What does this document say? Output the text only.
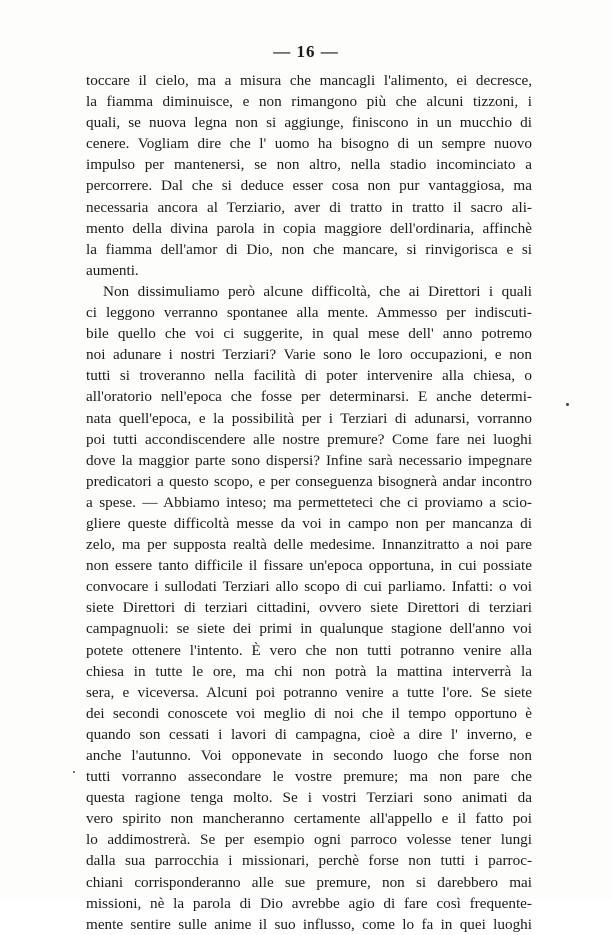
— 16 —
toccare il cielo, ma a misura che mancagli l'alimento, ei decresce,
la fiamma diminuisce, e non rimangono più che alcuni tizzoni, i
quali, se nuova legna non si aggiunge, finiscono in un mucchio di
cenere. Vogliam dire che l' uomo ha bisogno di un sempre nuovo
impulso per mantenersi, se non altro, nella stadio incominciato a
percorrere. Dal che si deduce esser cosa non pur vantaggiosa, ma
necessaria ancora al Terziario, aver di tratto in tratto il sacro ali-
mento della divina parola in copia maggiore dell'ordinaria, affinchè
la fiamma dell'amor di Dio, non che mancare, si rinvigorisca e si
aumenti.
Non dissimuliamo però alcune difficoltà, che ai Direttori i quali
ci leggono verranno spontanee alla mente. Ammesso per indiscuti-
bile quello che voi ci suggerite, in qual mese dell' anno potremo
noi adunare i nostri Terziari? Varie sono le loro occupazioni, e non
tutti si troveranno nella facilità di poter intervenire alla chiesa, o
all'oratorio nell'epoca che fosse per determinarsi. E anche determi-
nata quell'epoca, e la possibilità per i Terziari di adunarsi, vorranno
poi tutti accondiscendere alle nostre premure? Come fare nei luoghi
dove la maggior parte sono dispersi? Infine sarà necessario impegnare
predicatori a questo scopo, e per conseguenza bisognerà andar incontro
a spese. — Abbiamo inteso; ma permetteteci che ci proviamo a scio-
gliere queste difficoltà messe da voi in campo non per mancanza di
zelo, ma per supposta realtà delle medesime. Innanzitratto a noi pare
non essere tanto difficile il fissare un'epoca opportuna, in cui possiate
convocare i sullodati Terziari allo scopo di cui parliamo. Infatti: o voi
siete Direttori di terziari cittadini, ovvero siete Direttori di terziari
campagnuoli: se siete dei primi in qualunque stagione dell'anno voi
potete ottenere l'intento. È vero che non tutti potranno venire alla
chiesa in tutte le ore, ma chi non potrà la mattina interverrà la
sera, e viceversa. Alcuni poi potranno venire a tutte l'ore. Se siete
dei secondi conoscete voi meglio di noi che il tempo opportuno è
quando son cessati i lavori di campagna, cioè a dire l' inverno, e
anche l'autunno. Voi opponevate in secondo luogo che forse non
tutti vorranno assecondare le vostre premure; ma non pare che
questa ragione tenga molto. Se i vostri Terziari sono animati da
vero spirito non mancheranno certamente all'appello e il fatto poi
lo addimostrerà. Se per esempio ogni parroco volesse tener lungi
dalla sua parrocchia i missionari, perchè forse non tutti i parroc-
chiani corrisponderanno alle sue premure, non si darebbero mai
missioni, nè la parola di Dio avrebbe agio di fare così frequente-
mente sentire sulle anime il suo influsso, come lo fa in quei luoghi
